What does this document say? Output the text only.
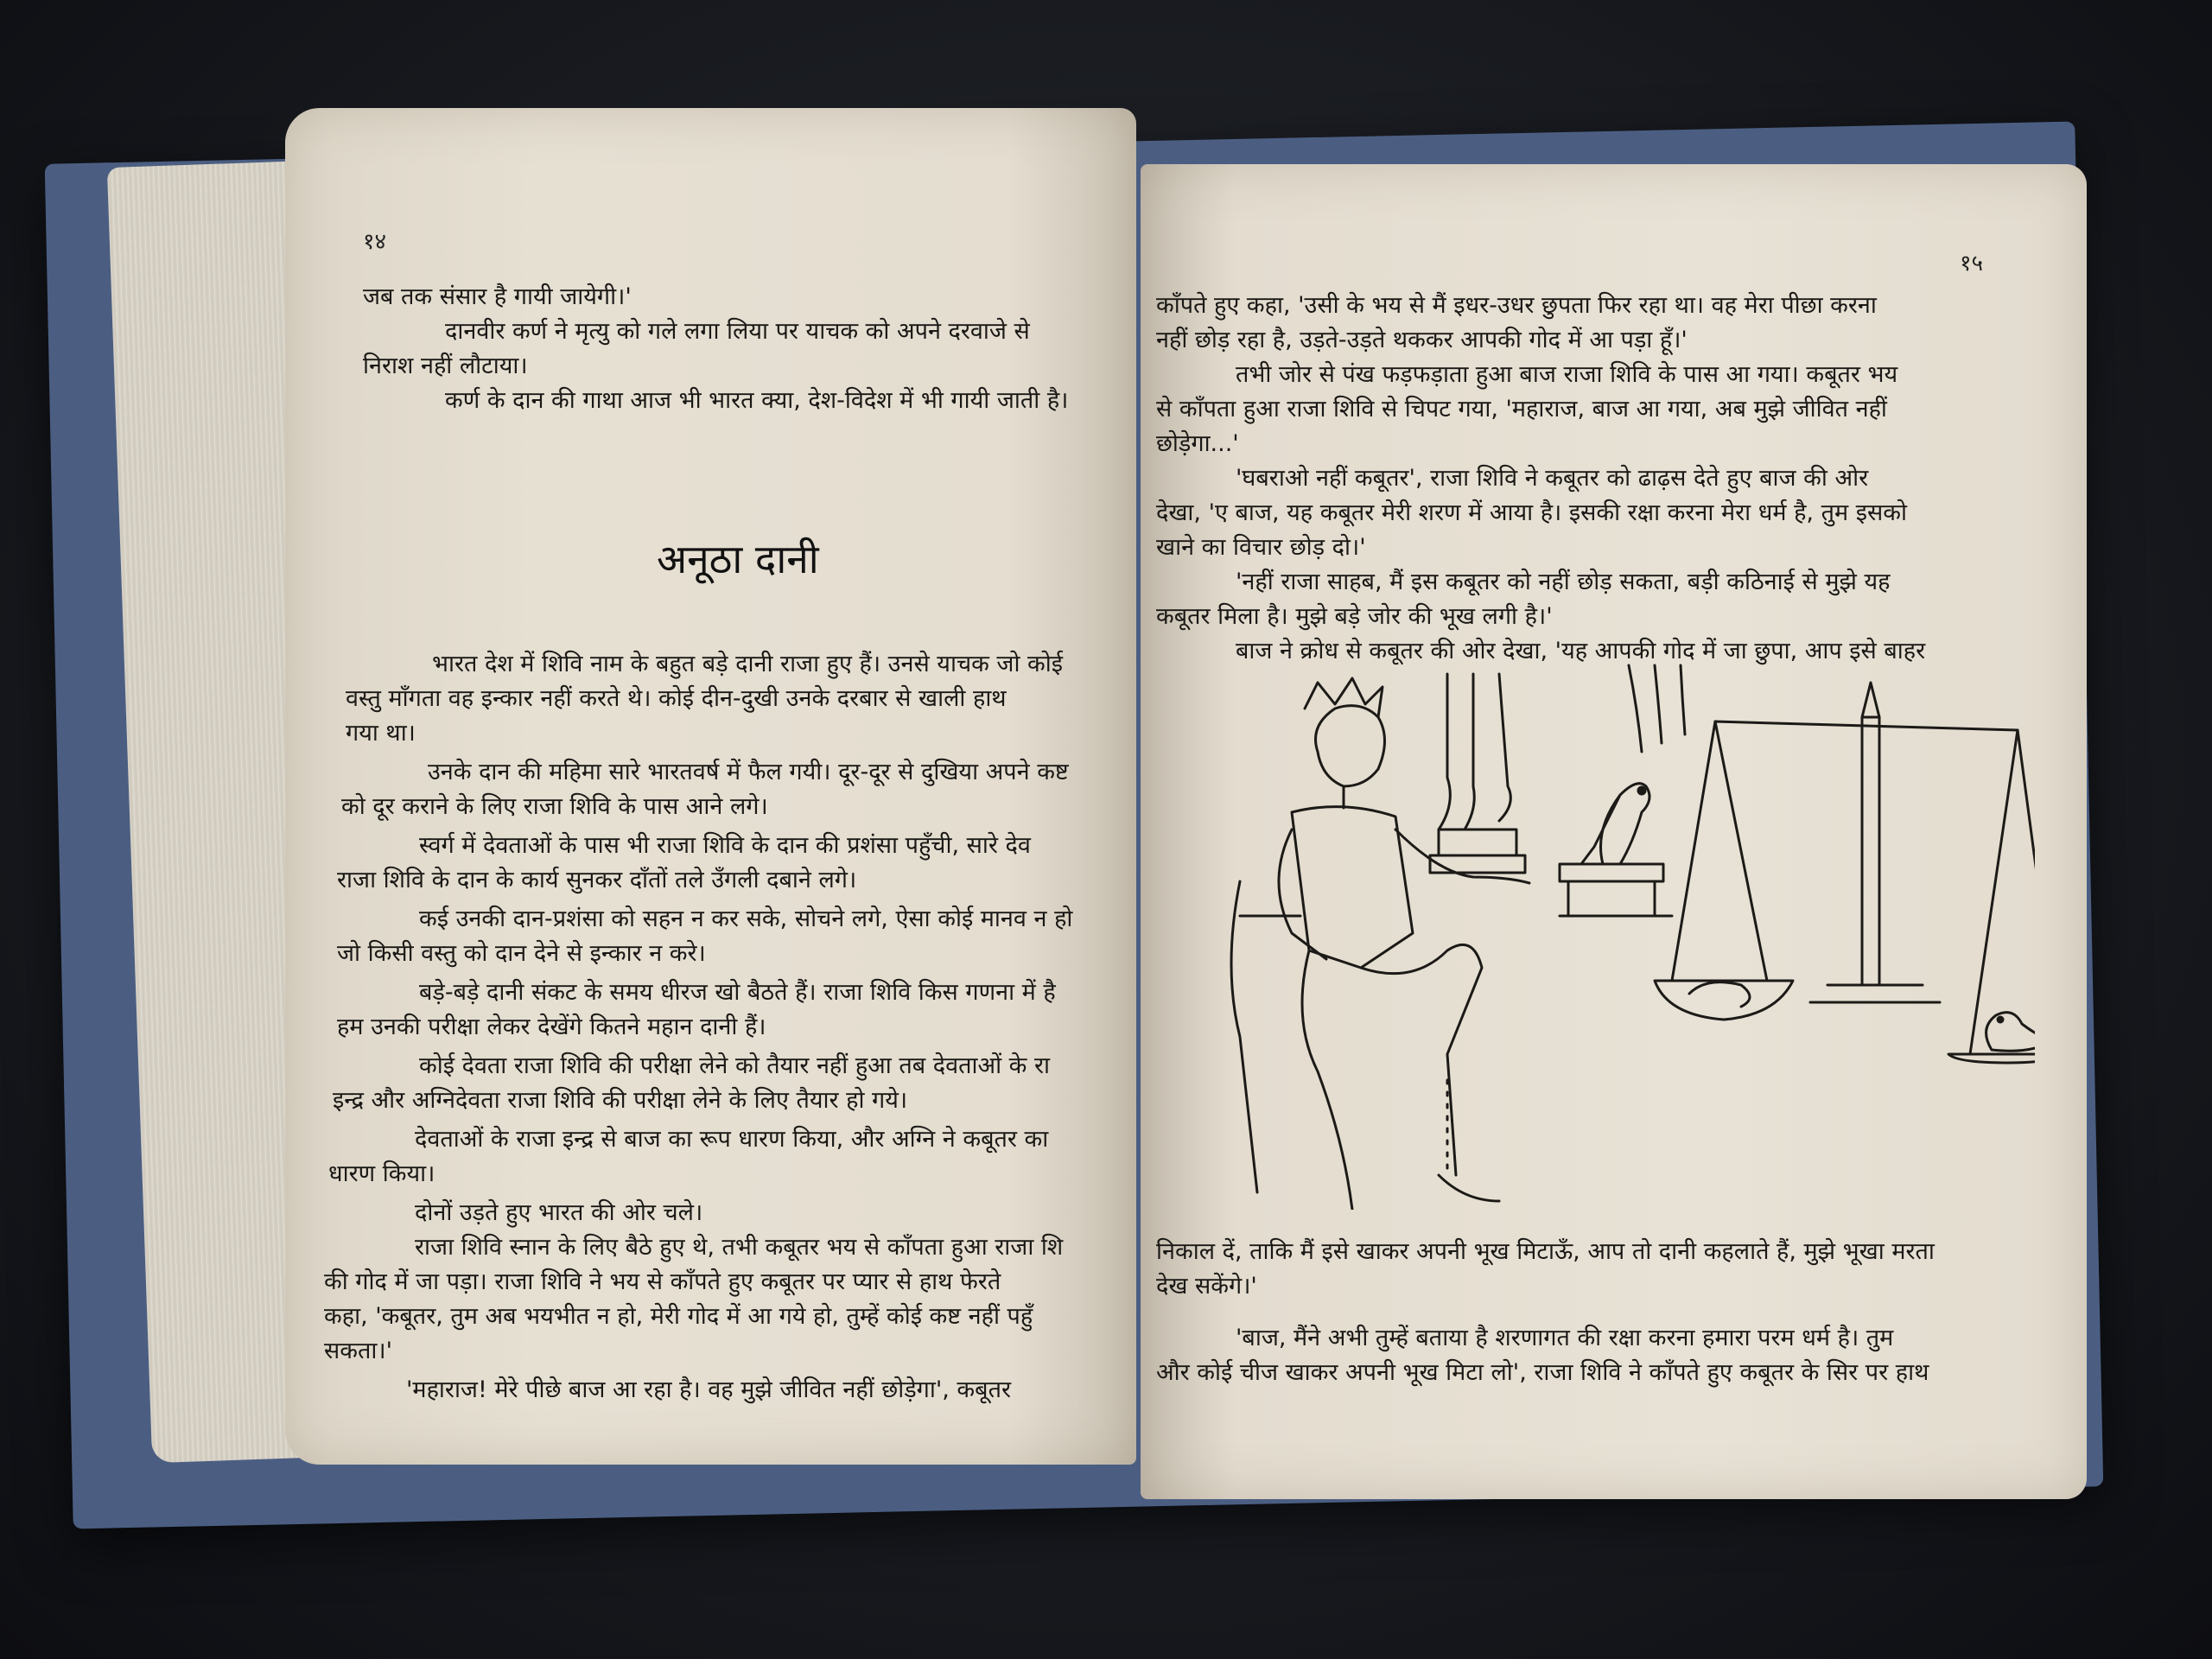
१४
जब तक संसार है गायी जायेगी।'
दानवीर कर्ण ने मृत्यु को गले लगा लिया पर याचक को अपने दरवाजे से
निराश नहीं लौटाया।
कर्ण के दान की गाथा आज भी भारत क्या, देश-विदेश में भी गायी जाती है।
अनूठा दानी
भारत देश में शिवि नाम के बहुत बड़े दानी राजा हुए हैं। उनसे याचक जो कोई
वस्तु माँगता वह इन्कार नहीं करते थे। कोई दीन-दुखी उनके दरबार से खाली हाथ
गया था।
उनके दान की महिमा सारे भारतवर्ष में फैल गयी। दूर-दूर से दुखिया अपने कष्ट
को दूर कराने के लिए राजा शिवि के पास आने लगे।
स्वर्ग में देवताओं के पास भी राजा शिवि के दान की प्रशंसा पहुँची, सारे देव
राजा शिवि के दान के कार्य सुनकर दाँतों तले उँगली दबाने लगे।
कई उनकी दान-प्रशंसा को सहन न कर सके, सोचने लगे, ऐसा कोई मानव न हो
जो किसी वस्तु को दान देने से इन्कार न करे।
बड़े-बड़े दानी संकट के समय धीरज खो बैठते हैं। राजा शिवि किस गणना में है
हम उनकी परीक्षा लेकर देखेंगे कितने महान दानी हैं।
कोई देवता राजा शिवि की परीक्षा लेने को तैयार नहीं हुआ तब देवताओं के रा
इन्द्र और अग्निदेवता राजा शिवि की परीक्षा लेने के लिए तैयार हो गये।
देवताओं के राजा इन्द्र से बाज का रूप धारण किया, और अग्नि ने कबूतर का
धारण किया।
दोनों उड़ते हुए भारत की ओर चले।
राजा शिवि स्नान के लिए बैठे हुए थे, तभी कबूतर भय से काँपता हुआ राजा शि
की गोद में जा पड़ा। राजा शिवि ने भय से काँपते हुए कबूतर पर प्यार से हाथ फेरते
कहा, 'कबूतर, तुम अब भयभीत न हो, मेरी गोद में आ गये हो, तुम्हें कोई कष्ट नहीं पहुँ
सकता।'
'महाराज! मेरे पीछे बाज आ रहा है। वह मुझे जीवित नहीं छोड़ेगा', कबूतर
१५
काँपते हुए कहा, 'उसी के भय से मैं इधर-उधर छुपता फिर रहा था। वह मेरा पीछा करना
नहीं छोड़ रहा है, उड़ते-उड़ते थककर आपकी गोद में आ पड़ा हूँ।'
तभी जोर से पंख फड़फड़ाता हुआ बाज राजा शिवि के पास आ गया। कबूतर भय
से काँपता हुआ राजा शिवि से चिपट गया, 'महाराज, बाज आ गया, अब मुझे जीवित नहीं
छोड़ेगा...'
'घबराओ नहीं कबूतर', राजा शिवि ने कबूतर को ढाढ़स देते हुए बाज की ओर
देखा, 'ए बाज, यह कबूतर मेरी शरण में आया है। इसकी रक्षा करना मेरा धर्म है, तुम इसको
खाने का विचार छोड़ दो।'
'नहीं राजा साहब, मैं इस कबूतर को नहीं छोड़ सकता, बड़ी कठिनाई से मुझे यह
कबूतर मिला है। मुझे बड़े जोर की भूख लगी है।'
बाज ने क्रोध से कबूतर की ओर देखा, 'यह आपकी गोद में जा छुपा, आप इसे बाहर
निकाल दें, ताकि मैं इसे खाकर अपनी भूख मिटाऊँ, आप तो दानी कहलाते हैं, मुझे भूखा मरता
देख सकेंगे।'
'बाज, मैंने अभी तुम्हें बताया है शरणागत की रक्षा करना हमारा परम धर्म है। तुम
और कोई चीज खाकर अपनी भूख मिटा लो', राजा शिवि ने काँपते हुए कबूतर के सिर पर हाथ
